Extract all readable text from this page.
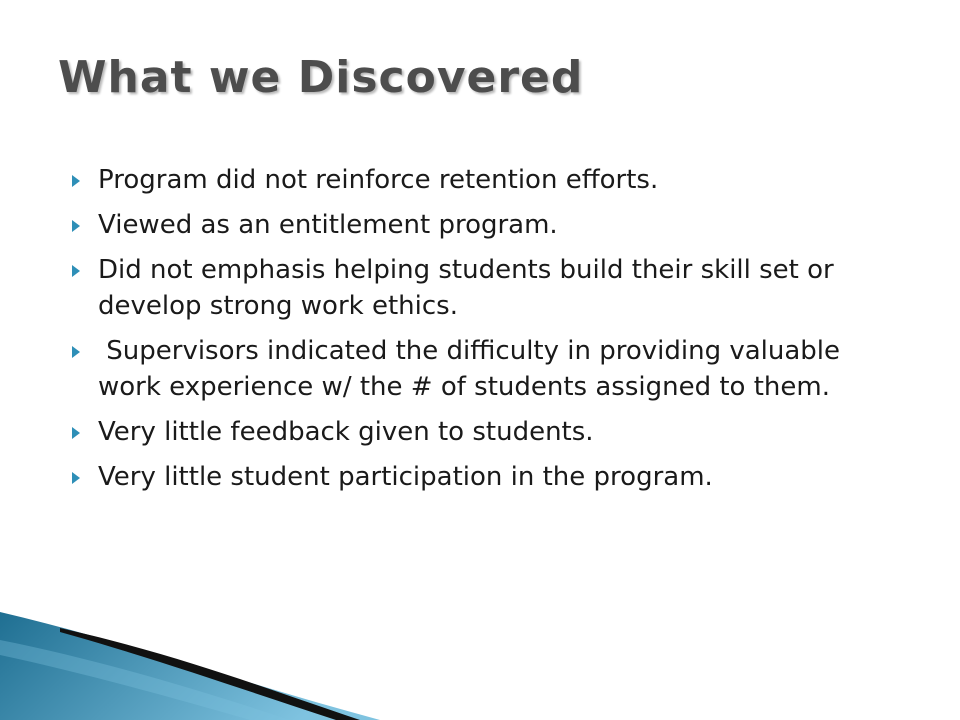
What we Discovered
Program did not reinforce retention efforts.
Viewed as an entitlement program.
Did not emphasis helping students build their skill set or develop strong work ethics.
Supervisors indicated the difficulty in providing valuable work experience w/ the # of students assigned to them.
Very little feedback given to students.
Very little student participation in the program.
